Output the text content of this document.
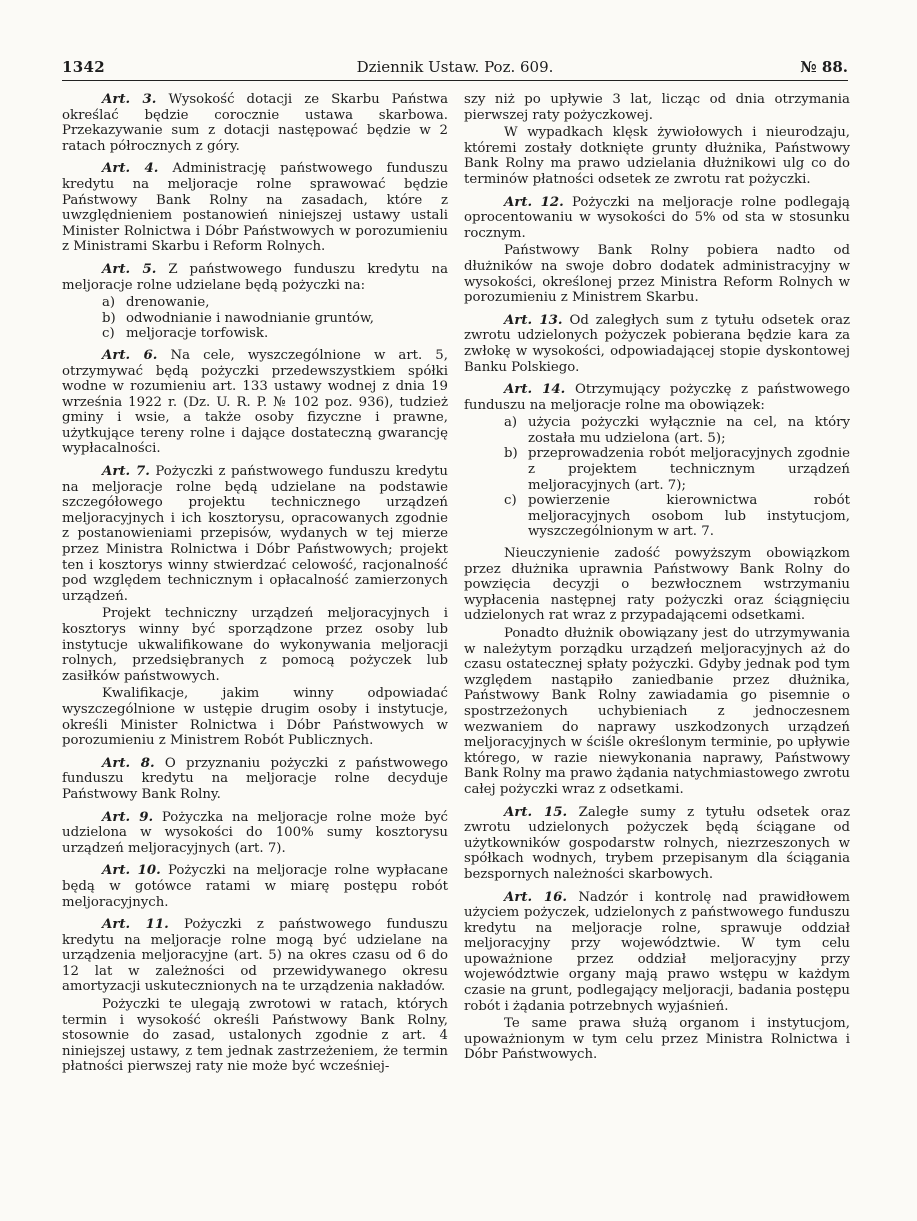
1342	Dziennik Ustaw. Poz. 609.	№ 88.

Art. 3. Wysokość dotacji ze Skarbu Państwa określać będzie corocznie ustawa skarbowa. Przekazywanie sum z dotacji następować będzie w 2 ratach półrocznych z góry.

Art. 4. Administrację państwowego funduszu kredytu na meljoracje rolne sprawować będzie Państwowy Bank Rolny na zasadach, które z uwzględnieniem postanowień niniejszej ustawy ustali Minister Rolnictwa i Dóbr Państwowych w porozumieniu z Ministrami Skarbu i Reform Rolnych.

Art. 5. Z państwowego funduszu kredytu na meljoracje rolne udzielane będą pożyczki na:

a) drenowanie,
b) odwodnianie i nawodnianie gruntów,
c) meljoracje torfowisk.

Art. 6. Na cele, wyszczególnione w art. 5, otrzymywać będą pożyczki przedewszystkiem spółki wodne w rozumieniu art. 133 ustawy wodnej z dnia 19 września 1922 r. (Dz. U. R. P. № 102 poz. 936), tudzież gminy i wsie, a także osoby fizyczne i prawne, użytkujące tereny rolne i dające dostateczną gwarancję wypłacalności.

Art. 7. Pożyczki z państwowego funduszu kredytu na meljoracje rolne będą udzielane na podstawie szczegółowego projektu technicznego urządzeń meljoracyjnych i ich kosztorysu, opracowanych zgodnie z postanowieniami przepisów, wydanych w tej mierze przez Ministra Rolnictwa i Dóbr Państwowych; projekt ten i kosztorys winny stwierdzać celowość, racjonalność pod względem technicznym i opłacalność zamierzonych urządzeń.

Projekt techniczny urządzeń meljoracyjnych i kosztorys winny być sporządzone przez osoby lub instytucje ukwalifikowane do wykonywania meljoracji rolnych, przedsiębranych z pomocą pożyczek lub zasiłków państwowych.

Kwalifikacje, jakim winny odpowiadać wyszczególnione w ustępie drugim osoby i instytucje, określi Minister Rolnictwa i Dóbr Państwowych w porozumieniu z Ministrem Robót Publicznych.

Art. 8. O przyznaniu pożyczki z państwowego funduszu kredytu na meljoracje rolne decyduje Państwowy Bank Rolny.

Art. 9. Pożyczka na meljoracje rolne może być udzielona w wysokości do 100% sumy kosztorysu urządzeń meljoracyjnych (art. 7).

Art. 10. Pożyczki na meljoracje rolne wypłacane będą w gotówce ratami w miarę postępu robót meljoracyjnych.

Art. 11. Pożyczki z państwowego funduszu kredytu na meljoracje rolne mogą być udzielane na urządzenia meljoracyjne (art. 5) na okres czasu od 6 do 12 lat w zależności od przewidywanego okresu amortyzacji uskutecznionych na te urządzenia nakładów.

Pożyczki te ulegają zwrotowi w ratach, których termin i wysokość określi Państwowy Bank Rolny, stosownie do zasad, ustalonych zgodnie z art. 4 niniejszej ustawy, z tem jednak zastrzeżeniem, że termin płatności pierwszej raty nie może być wcześniej-

szy niż po upływie 3 lat, licząc od dnia otrzymania pierwszej raty pożyczkowej.

W wypadkach klęsk żywiołowych i nieurodzaju, któremi zostały dotknięte grunty dłużnika, Państwowy Bank Rolny ma prawo udzielania dłużnikowi ulg co do terminów płatności odsetek ze zwrotu rat pożyczki.

Art. 12. Pożyczki na meljoracje rolne podlegają oprocentowaniu w wysokości do 5% od sta w stosunku rocznym.

Państwowy Bank Rolny pobiera nadto od dłużników na swoje dobro dodatek administracyjny w wysokości, określonej przez Ministra Reform Rolnych w porozumieniu z Ministrem Skarbu.

Art. 13. Od zaległych sum z tytułu odsetek oraz zwrotu udzielonych pożyczek pobierana będzie kara za zwłokę w wysokości, odpowiadającej stopie dyskontowej Banku Polskiego.

Art. 14. Otrzymujący pożyczkę z państwowego funduszu na meljoracje rolne ma obowiązek:

a) użycia pożyczki wyłącznie na cel, na który została mu udzielona (art. 5);
b) przeprowadzenia robót meljoracyjnych zgodnie z projektem technicznym urządzeń meljoracyjnych (art. 7);
c) powierzenie kierownictwa robót meljoracyjnych osobom lub instytucjom, wyszczególnionym w art. 7.

Nieuczynienie zadość powyższym obowiązkom przez dłużnika uprawnia Państwowy Bank Rolny do powzięcia decyzji o bezwłocznem wstrzymaniu wypłacenia następnej raty pożyczki oraz ściągnięciu udzielonych rat wraz z przypadającemi odsetkami.

Ponadto dłużnik obowiązany jest do utrzymywania w należytym porządku urządzeń meljoracyjnych aż do czasu ostatecznej spłaty pożyczki. Gdyby jednak pod tym względem nastąpiło zaniedbanie przez dłużnika, Państwowy Bank Rolny zawiadamia go pisemnie o spostrzeżonych uchybieniach z jednoczesnem wezwaniem do naprawy uszkodzonych urządzeń meljoracyjnych w ściśle określonym terminie, po upływie którego, w razie niewykonania naprawy, Państwowy Bank Rolny ma prawo żądania natychmiastowego zwrotu całej pożyczki wraz z odsetkami.

Art. 15. Zaległe sumy z tytułu odsetek oraz zwrotu udzielonych pożyczek będą ściągane od użytkowników gospodarstw rolnych, niezrzeszonych w spółkach wodnych, trybem przepisanym dla ściągania bezspornych należności skarbowych.

Art. 16. Nadzór i kontrolę nad prawidłowem użyciem pożyczek, udzielonych z państwowego funduszu kredytu na meljoracje rolne, sprawuje oddział meljoracyjny przy województwie. W tym celu upoważnione przez oddział meljoracyjny przy województwie organy mają prawo wstępu w każdym czasie na grunt, podlegający meljoracji, badania postępu robót i żądania potrzebnych wyjaśnień.

Te same prawa służą organom i instytucjom, upoważnionym w tym celu przez Ministra Rolnictwa i Dóbr Państwowych.
